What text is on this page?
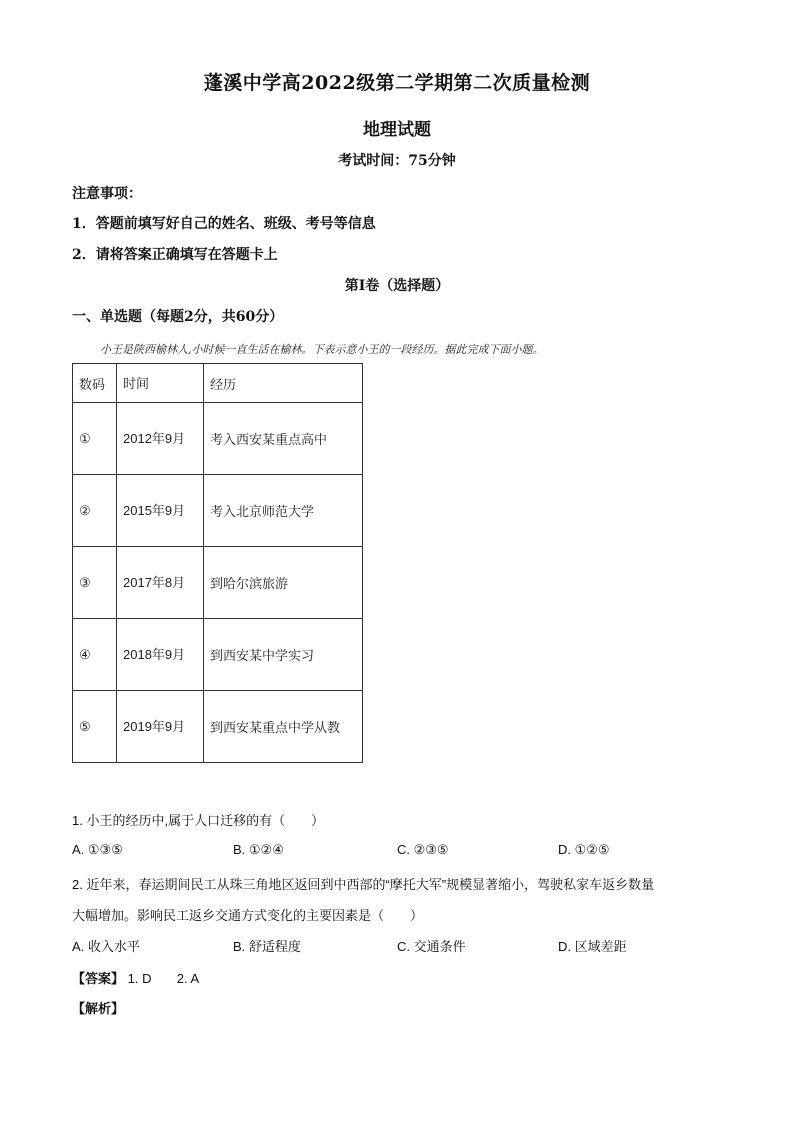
蓬溪中学高2022级第二学期第二次质量检测
地理试题
考试时间：75分钟
注意事项：
1．答题前填写好自己的姓名、班级、考号等信息
2．请将答案正确填写在答题卡上
第I卷（选择题）
一、单选题（每题2分，共60分）
小王是陕西榆林人,小时候一直生活在榆林。下表示意小王的一段经历。据此完成下面小题。
数码	时间	经历
①	2012年9月	考入西安某重点高中
②	2015年9月	考入北京师范大学
③	2017年8月	到哈尔滨旅游
④	2018年9月	到西安某中学实习
⑤	2019年9月	到西安某重点中学从教
1. 小王的经历中,属于人口迁移的有（　　）
A. ①③⑤	B. ①②④	C. ②③⑤	D. ①②⑤
2. 近年来，春运期间民工从珠三角地区返回到中西部的“摩托大军”规模显著缩小，驾驶私家车返乡数量
大幅增加。影响民工返乡交通方式变化的主要因素是（　　）
A. 收入水平	B. 舒适程度	C. 交通条件	D. 区域差距
【答案】 1. D 2. A
【解析】
